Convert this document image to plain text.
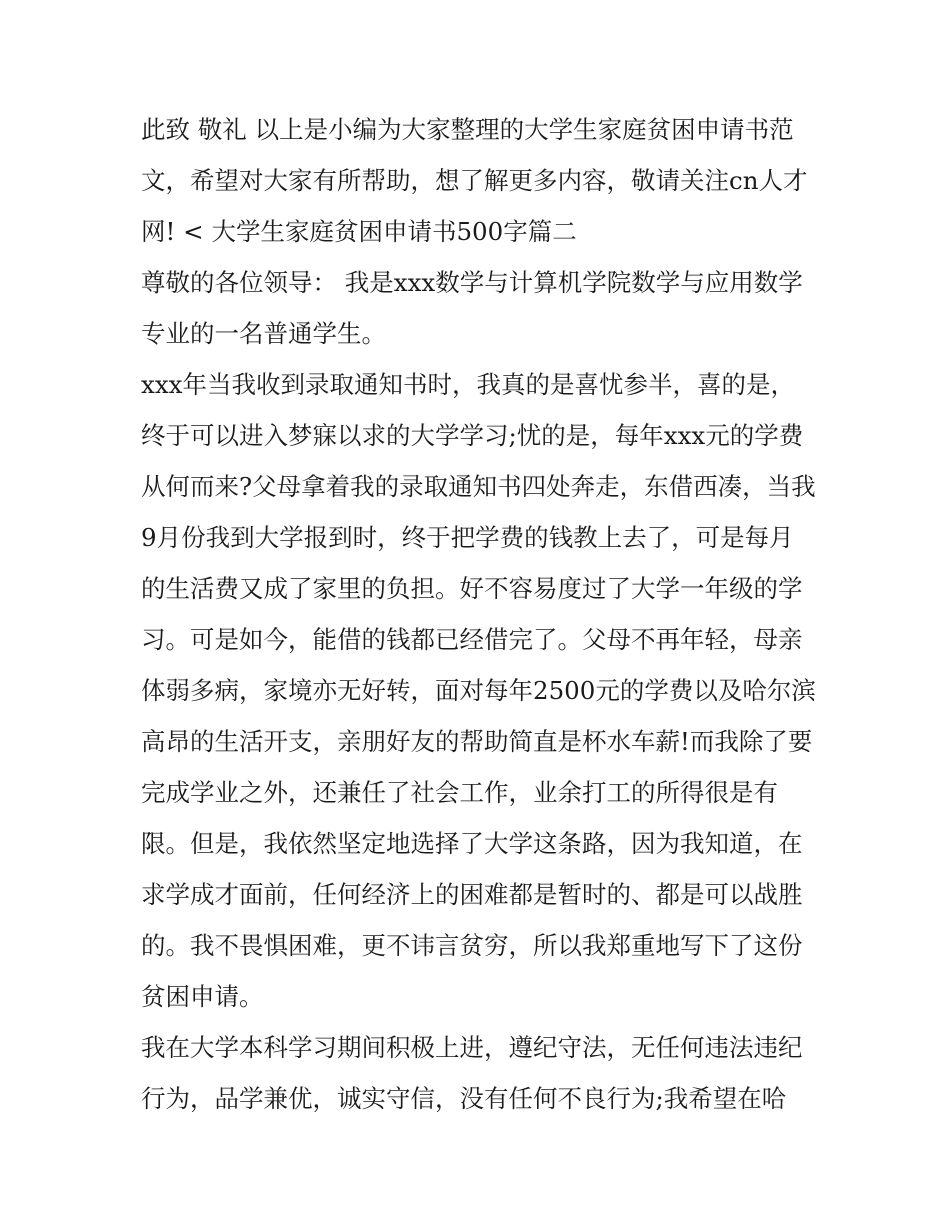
此致 敬礼 以上是小编为大家整理的大学生家庭贫困申请书范文，希望对大家有所帮助，想了解更多内容，敬请关注cn人才网! < 大学生家庭贫困申请书500字篇二

尊敬的各位领导： 我是xxx数学与计算机学院数学与应用数学专业的一名普通学生。

xxx年当我收到录取通知书时，我真的是喜忧参半，喜的是，终于可以进入梦寐以求的大学学习;忧的是，每年xxx元的学费从何而来?父母拿着我的录取通知书四处奔走，东借西凑，当我9月份我到大学报到时，终于把学费的钱教上去了，可是每月的生活费又成了家里的负担。好不容易度过了大学一年级的学习。可是如今，能借的钱都已经借完了。父母不再年轻，母亲体弱多病，家境亦无好转，面对每年2500元的学费以及哈尔滨高昂的生活开支，亲朋好友的帮助简直是杯水车薪!而我除了要完成学业之外，还兼任了社会工作，业余打工的所得很是有限。但是，我依然坚定地选择了大学这条路，因为我知道，在求学成才面前，任何经济上的困难都是暂时的、都是可以战胜的。我不畏惧困难，更不讳言贫穷，所以我郑重地写下了这份贫困申请。

我在大学本科学习期间积极上进，遵纪守法，无任何违法违纪行为，品学兼优，诚实守信，没有任何不良行为;我希望在哈
